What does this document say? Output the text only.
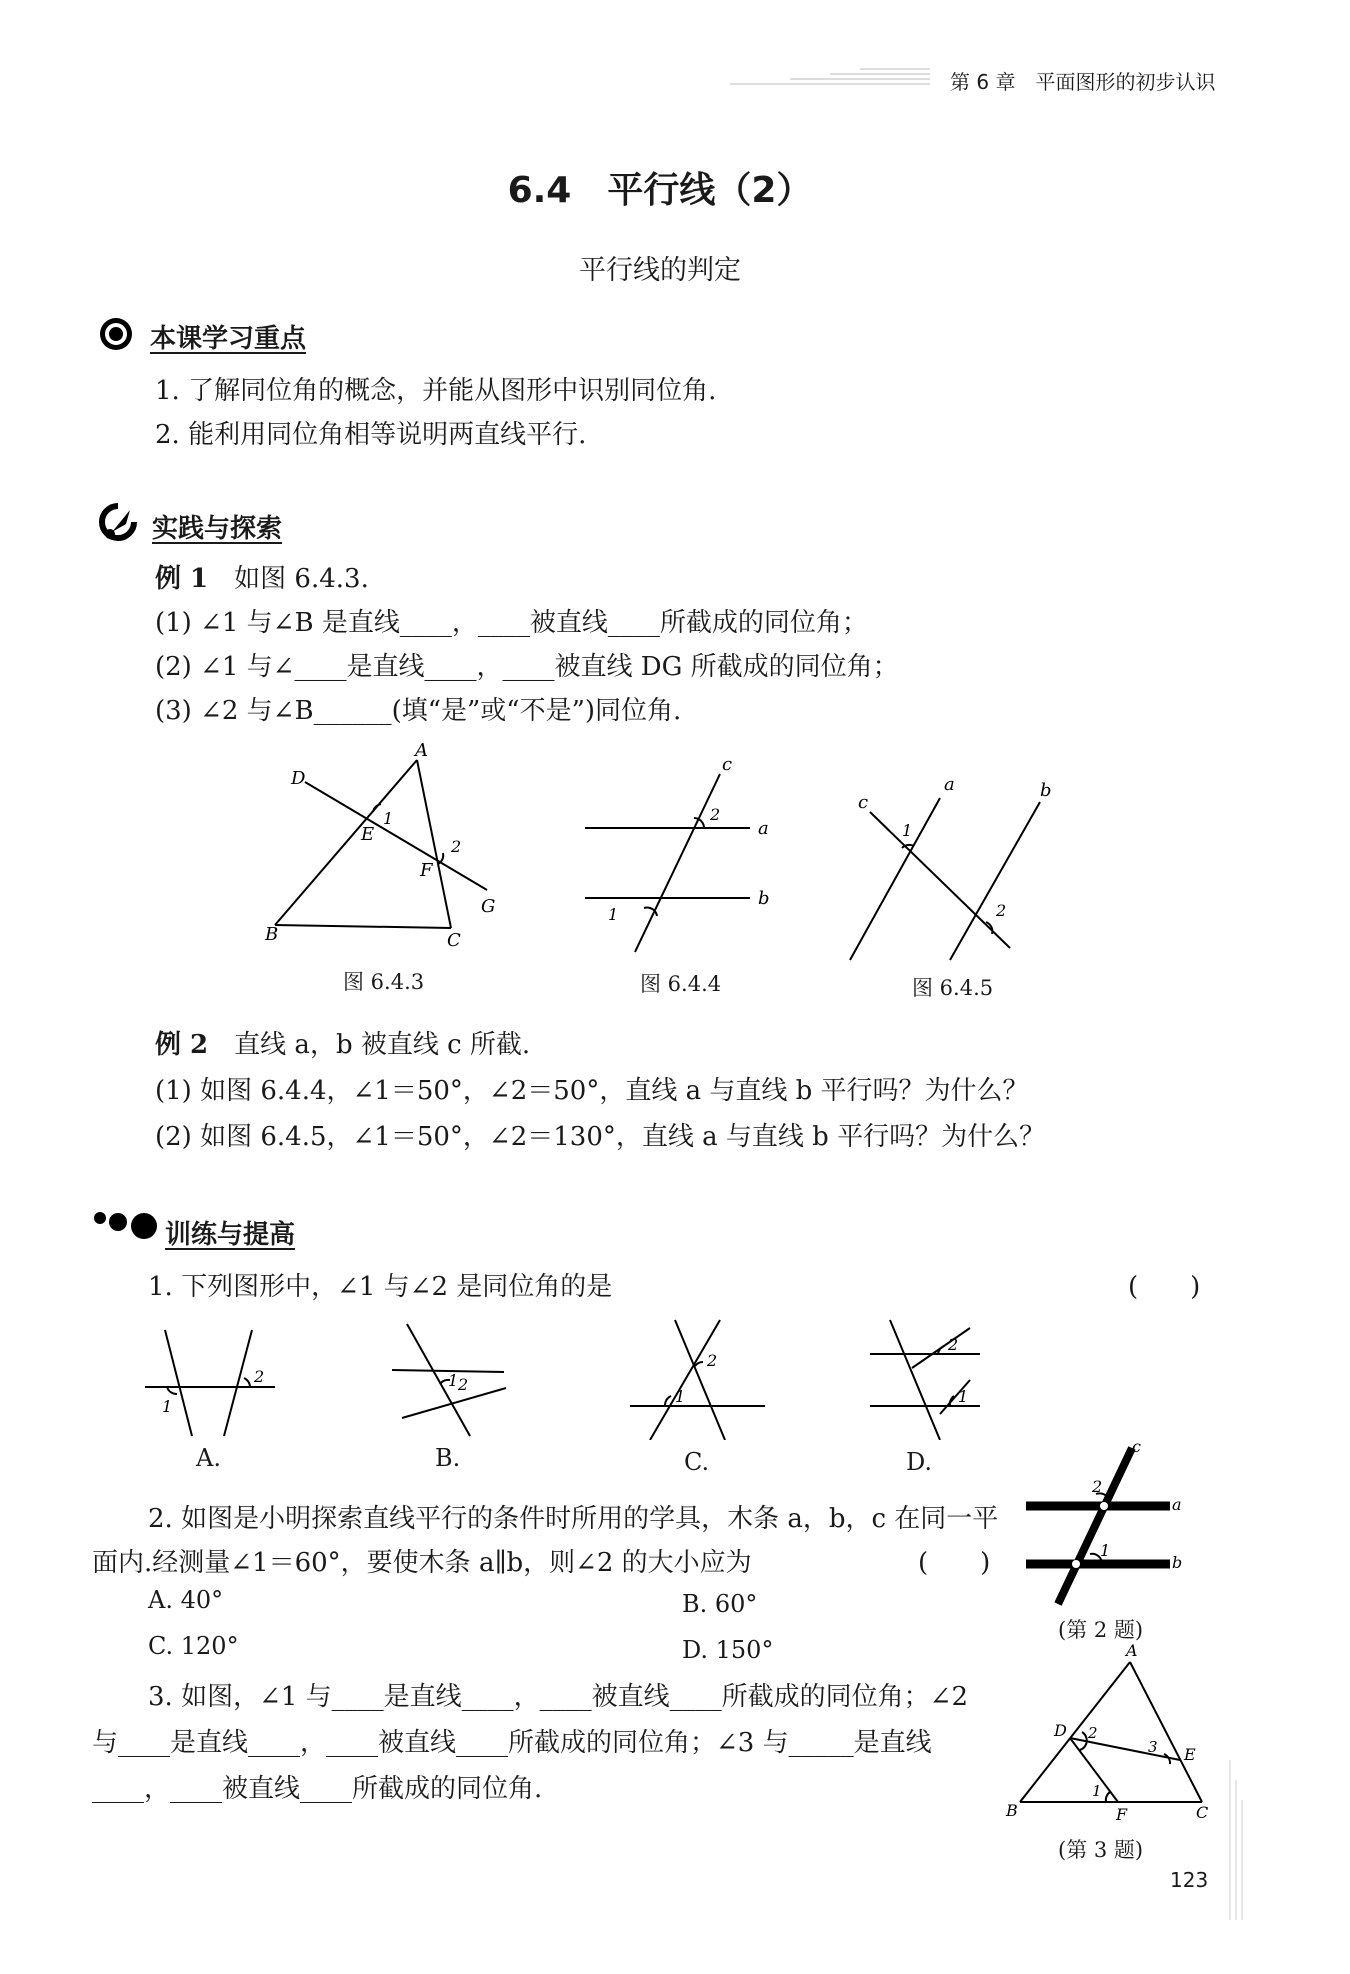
第 6 章　 平面图形的初步认识
6.4　平行线（2）
平行线的判定
本课学习重点
1. 了解同位角的概念，并能从图形中识别同位角.
2. 能利用同位角相等说明两直线平行.
实践与探索
例 1　 如图 6.4.3.
(1) ∠1 与∠B 是直线____，____被直线____所截成的同位角；
(2) ∠1 与∠____是直线____，____被直线 DG 所截成的同位角；
(3) ∠2 与∠B______(填“是”或“不是”)同位角.
A
B	C
D
E
F
G
1
2
图 6.4.3
c
a
b
1
2
图 6.4.4
a	b
c
1
2
图 6.4.5
例 2　 直线 a，b 被直线 c 所截.
(1) 如图 6.4.4，∠1＝50°，∠2＝50°，直线 a 与直线 b 平行吗？为什么？
(2) 如图 6.4.5，∠1＝50°，∠2＝130°，直线 a 与直线 b 平行吗？为什么？
训练与提高
1. 下列图形中，∠1 与∠2 是同位角的是	(　　)
1
2
A.
1 2
B.
1
2
C.
2
1
D.
2. 如图是小明探索直线平行的条件时所用的学具，木条 a，b，c 在同一平
面内.经测量∠1＝60°，要使木条 a∥b，则∠2 的大小应为	(　　)
A. 40°	B. 60°
C. 120°	D. 150°
c
a
b
1
2
(第 2 题)
3. 如图，∠1 与____是直线____，____被直线____所截成的同位角；∠2
与____是直线____，____被直线____所截成的同位角；∠3 与_____是直线
____，____被直线____所截成的同位角.
A
B	C
D
E
F
1
2
3
(第 3 题)
123
